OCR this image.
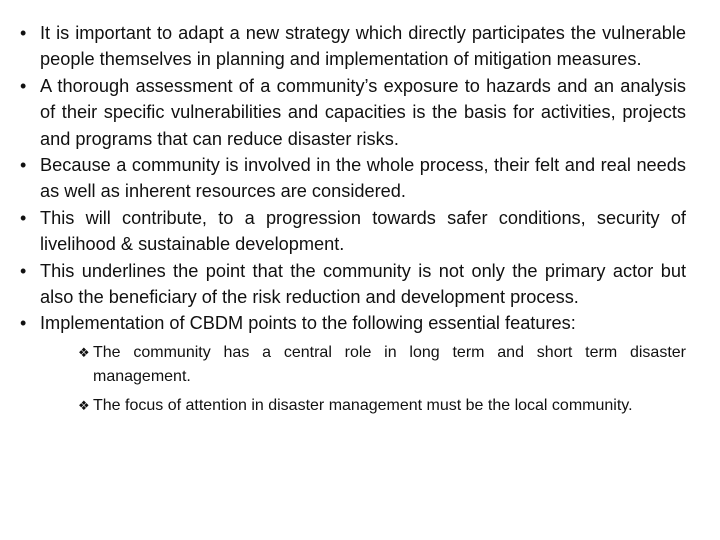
• It is important to adapt a new strategy which directly participates the vulnerable people themselves in planning and implementation of mitigation measures.
• A thorough assessment of a community’s exposure to hazards and an analysis of their specific vulnerabilities and capacities is the basis for activities, projects and programs that can reduce disaster risks.
• Because a community is involved in the whole process, their felt and real needs as well as inherent resources are considered.
• This will contribute, to a progression towards safer conditions, security of livelihood & sustainable development.
• This underlines the point that the community is not only the primary actor but also the beneficiary of the risk reduction and development process.
• Implementation of CBDM points to the following essential features:
❖ The community has a central role in long term and short term disaster management.
❖ The focus of attention in disaster management must be the local community.
